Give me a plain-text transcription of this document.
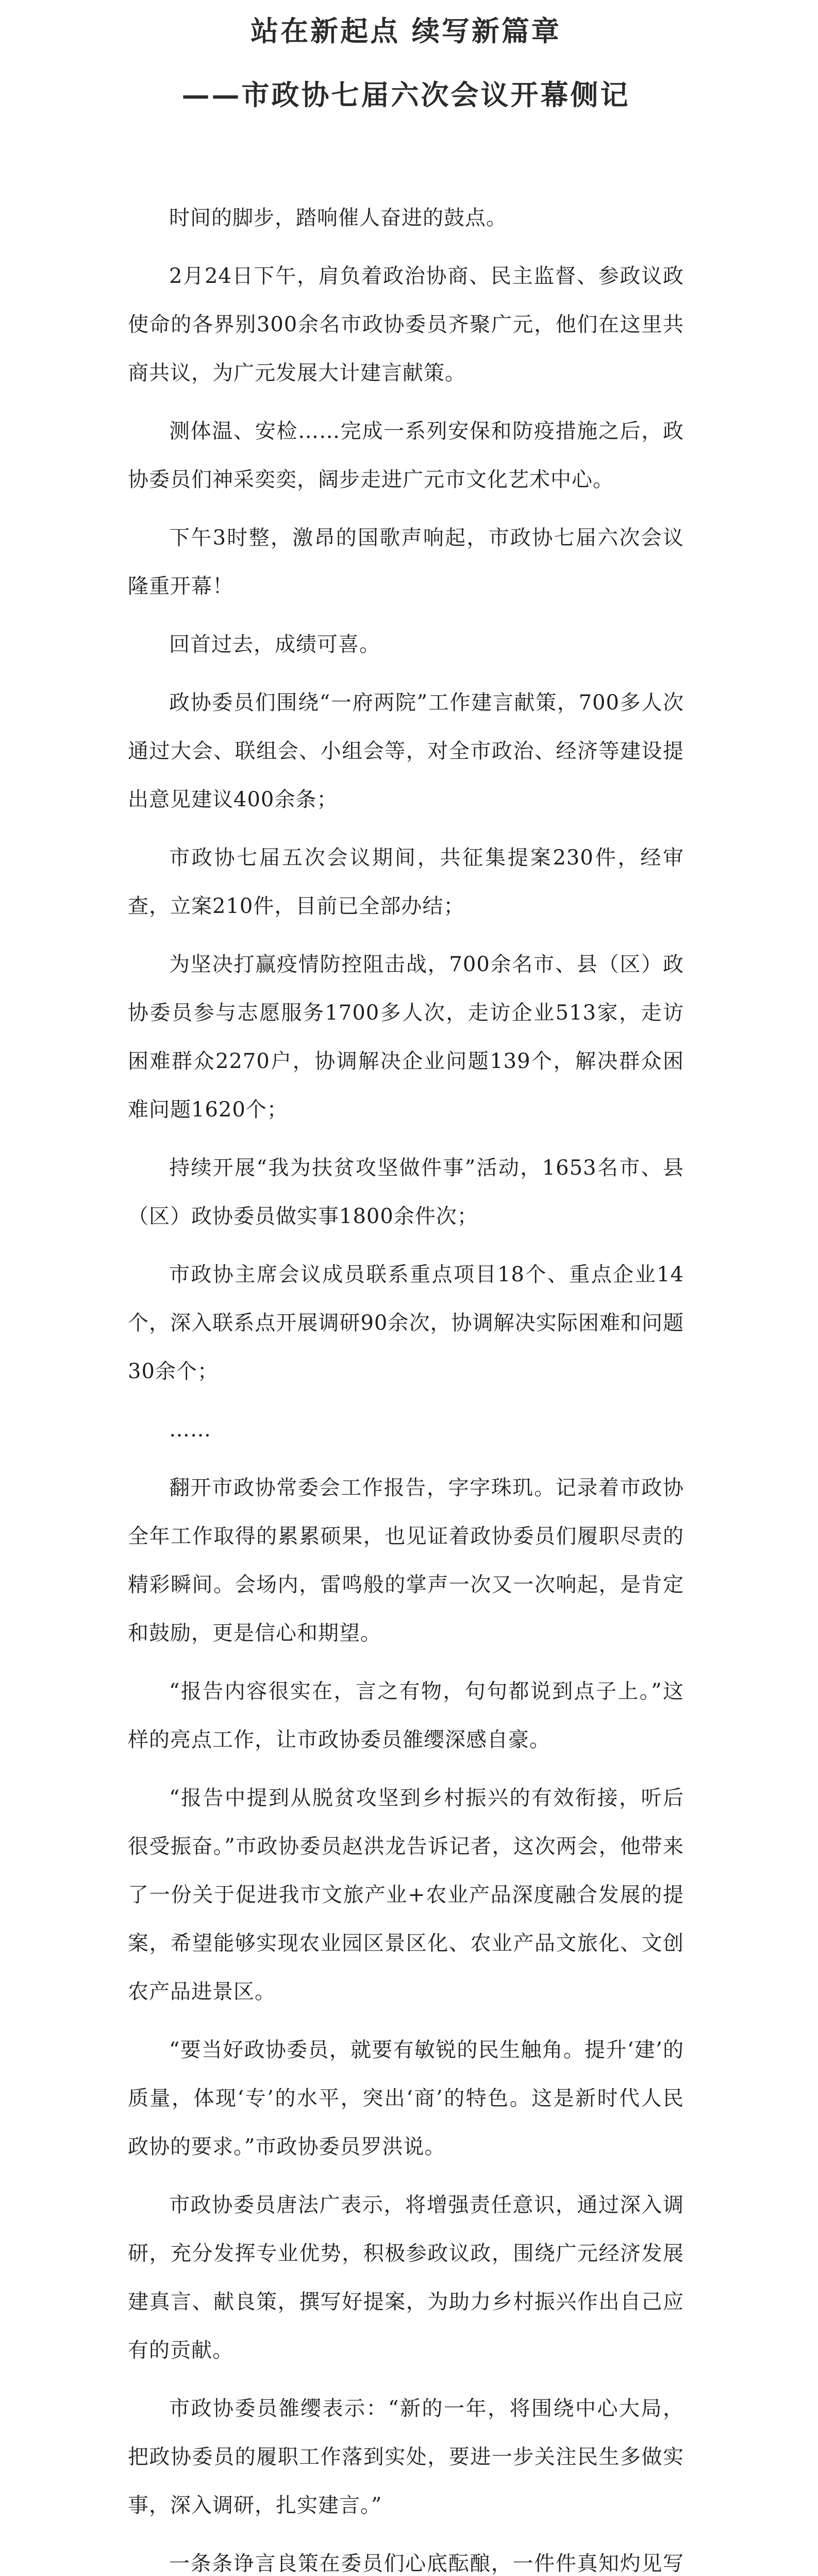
站在新起点 续写新篇章
——市政协七届六次会议开幕侧记

时间的脚步，踏响催人奋进的鼓点。

2月24日下午，肩负着政治协商、民主监督、参政议政使命的各界别300余名市政协委员齐聚广元，他们在这里共商共议，为广元发展大计建言献策。

测体温、安检……完成一系列安保和防疫措施之后，政协委员们神采奕奕，阔步走进广元市文化艺术中心。

下午3时整，激昂的国歌声响起，市政协七届六次会议隆重开幕！

回首过去，成绩可喜。

政协委员们围绕“一府两院”工作建言献策，700多人次通过大会、联组会、小组会等，对全市政治、经济等建设提出意见建议400余条；

市政协七届五次会议期间，共征集提案230件，经审查，立案210件，目前已全部办结；

为坚决打赢疫情防控阻击战，700余名市、县（区）政协委员参与志愿服务1700多人次，走访企业513家，走访困难群众2270户，协调解决企业问题139个，解决群众困难问题1620个；

持续开展“我为扶贫攻坚做件事”活动，1653名市、县（区）政协委员做实事1800余件次；

市政协主席会议成员联系重点项目18个、重点企业14个，深入联系点开展调研90余次，协调解决实际困难和问题30余个；

……

翻开市政协常委会工作报告，字字珠玑。记录着市政协全年工作取得的累累硕果，也见证着政协委员们履职尽责的精彩瞬间。会场内，雷鸣般的掌声一次又一次响起，是肯定和鼓励，更是信心和期望。

“报告内容很实在，言之有物，句句都说到点子上。”这样的亮点工作，让市政协委员雒缨深感自豪。

“报告中提到从脱贫攻坚到乡村振兴的有效衔接，听后很受振奋。”市政协委员赵洪龙告诉记者，这次两会，他带来了一份关于促进我市文旅产业+农业产品深度融合发展的提案，希望能够实现农业园区景区化、农业产品文旅化、文创农产品进景区。

“要当好政协委员，就要有敏锐的民生触角。提升‘建’的质量，体现‘专’的水平，突出‘商’的特色。这是新时代人民政协的要求。”市政协委员罗洪说。

市政协委员唐法广表示，将增强责任意识，通过深入调研，充分发挥专业优势，积极参政议政，围绕广元经济发展建真言、献良策，撰写好提案，为助力乡村振兴作出自己应有的贡献。

市政协委员雒缨表示：“新的一年，将围绕中心大局，把政协委员的履职工作落到实处，要进一步关注民生多做实事，深入调研，扎实建言。”

一条条诤言良策在委员们心底酝酿，一件件真知灼见写
